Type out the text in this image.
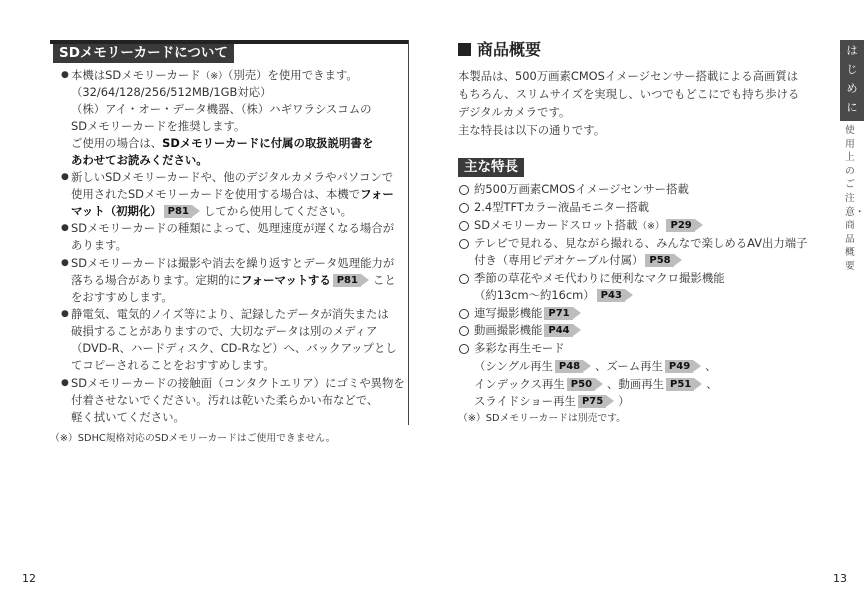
SDメモリーカードについて
●
●
●
●
●
●
本機はSDメモリーカード（※）（別売）を使用できます。
（32/64/128/256/512MB/1GB対応）
（株）アイ・オー・データ機器、（株）ハギワラシスコムの
SDメモリーカードを推奨します。
ご使用の場合は、SDメモリーカードに付属の取扱説明書を
あわせてお読みください。
新しいSDメモリーカードや、他のデジタルカメラやパソコンで
使用されたSDメモリーカードを使用する場合は、本機でフォー
マット（初期化） P81 してから使用してください。
SDメモリーカードの種類によって、処理速度が遅くなる場合が
あります。
SDメモリーカードは撮影や消去を繰り返すとデータ処理能力が
落ちる場合があります。定期的にフォーマットする P81 こと
をおすすめします。
静電気、電気的ノイズ等により、記録したデータが消失または
破損することがありますので、大切なデータは別のメディア
（DVD-R、ハードディスク、CD-Rなど）へ、バックアップとし
てコピーされることをおすすめします。
SDメモリーカードの接触面（コンタクトエリア）にゴミや異物を
付着させないでください。汚れは乾いた柔らかい布などで、
軽く拭いてください。
（※）SDHC規格対応のSDメモリーカードはご使用できません。
商品概要
本製品は、500万画素CMOSイメージセンサー搭載による高画質は
もちろん、スリムサイズを実現し、いつでもどこにでも持ち歩ける
デジタルカメラです。
主な特長は以下の通りです。
主な特長
約500万画素CMOSイメージセンサー搭載
2.4型TFTカラー液晶モニター搭載
SDメモリーカードスロット搭載（※） P29
テレビで見れる、見ながら撮れる、みんなで楽しめるAV出力端子
付き（専用ビデオケーブル付属） P58
季節の草花やメモ代わりに便利なマクロ撮影機能
（約13cm〜約16cm） P43
連写撮影機能 P71
動画撮影機能 P44
多彩な再生モード
（シングル再生 P48 、ズーム再生 P49 、
インデックス再生 P50 、動画再生 P51 、
スライドショー再生 P75 ）
（※）SDメモリーカードは別売です。
は
じ
め
に
使用上のご注意・商品概要
12	13
